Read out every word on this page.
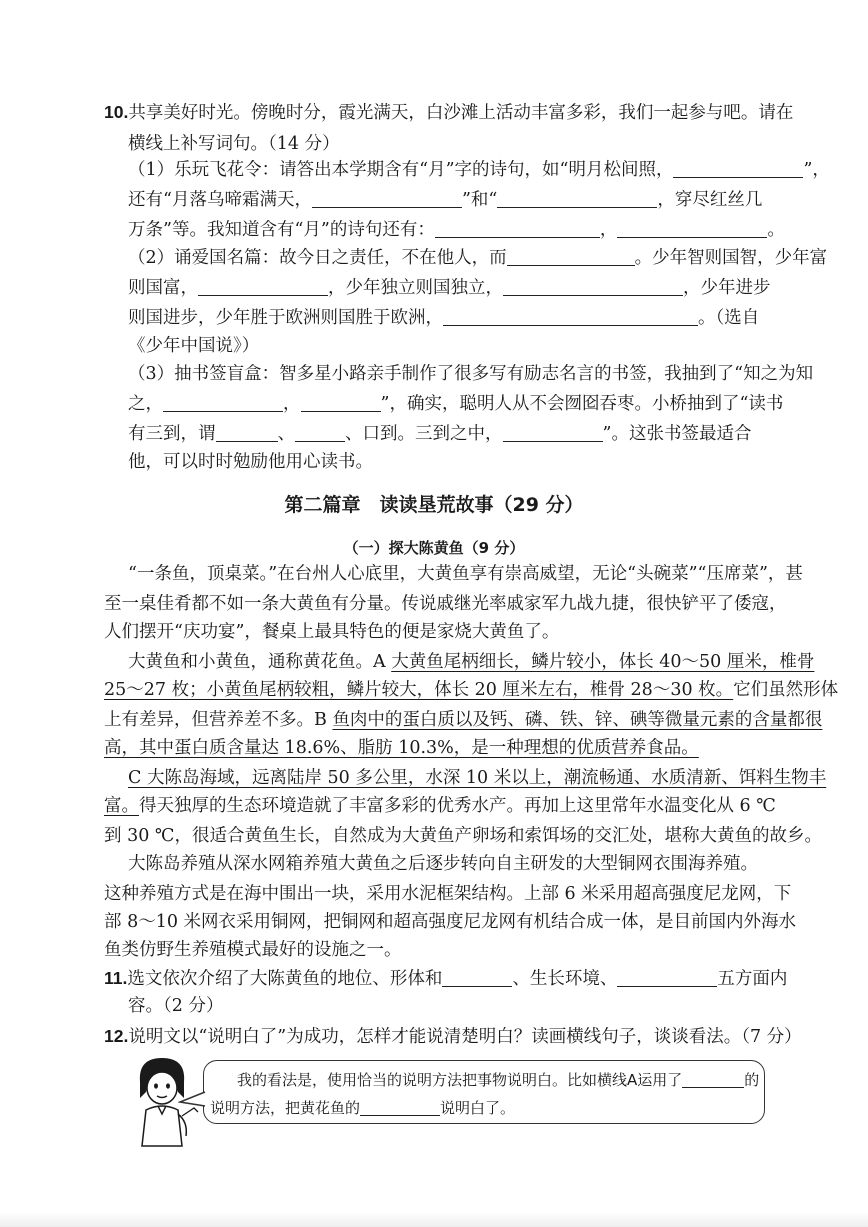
10.共享美好时光。傍晚时分，霞光满天，白沙滩上活动丰富多彩，我们一起参与吧。请在
横线上补写词句。（14 分）
（1）乐玩飞花令：请答出本学期含有“月”字的诗句，如“明月松间照，	”，
还有“月落乌啼霜满天，	”和“	，穿尽红丝几
万条”等。我知道含有“月”的诗句还有：	，	。
（2）诵爱国名篇：故今日之责任，不在他人，而	。少年智则国智，少年富
则国富，	，少年独立则国独立，	，少年进步
则国进步，少年胜于欧洲则国胜于欧洲，	。（选自
《少年中国说》）
（3）抽书签盲盒：智多星小路亲手制作了很多写有励志名言的书签，我抽到了“知之为知
之，	，	”，确实，聪明人从不会囫囵吞枣。小桥抽到了“读书
有三到，谓	、	、口到。三到之中，	”。这张书签最适合
他，可以时时勉励他用心读书。
第二篇章　读读垦荒故事（29 分）
（一）探大陈黄鱼（9 分）
“一条鱼，顶桌菜。”在台州人心底里，大黄鱼享有崇高威望，无论“头碗菜”“压席菜”，甚
至一桌佳肴都不如一条大黄鱼有分量。传说戚继光率戚家军九战九捷，很快铲平了倭寇，
人们摆开“庆功宴”，餐桌上最具特色的便是家烧大黄鱼了。
大黄鱼和小黄鱼，通称黄花鱼。A 大黄鱼尾柄细长，鳞片较小，体长 40～50 厘米，椎骨
25～27 枚；小黄鱼尾柄较粗，鳞片较大，体长 20 厘米左右，椎骨 28～30 枚。它们虽然形体
上有差异，但营养差不多。B 鱼肉中的蛋白质以及钙、磷、铁、锌、碘等微量元素的含量都很
高，其中蛋白质含量达 18.6%、脂肪 10.3%，是一种理想的优质营养食品。
C 大陈岛海域，远离陆岸 50 多公里，水深 10 米以上，潮流畅通、水质清新、饵料生物丰
富。得天独厚的生态环境造就了丰富多彩的优秀水产。再加上这里常年水温变化从 6 ℃
到 30 ℃，很适合黄鱼生长，自然成为大黄鱼产卵场和索饵场的交汇处，堪称大黄鱼的故乡。
大陈岛养殖从深水网箱养殖大黄鱼之后逐步转向自主研发的大型铜网衣围海养殖。
这种养殖方式是在海中围出一块，采用水泥框架结构。上部 6 米采用超高强度尼龙网，下
部 8～10 米网衣采用铜网，把铜网和超高强度尼龙网有机结合成一体，是目前国内外海水
鱼类仿野生养殖模式最好的设施之一。
11.选文依次介绍了大陈黄鱼的地位、形体和	、生长环境、	五方面内
容。（2 分）
12.说明文以“说明白了”为成功，怎样才能说清楚明白？读画横线句子，谈谈看法。（7 分）
我的看法是，使用恰当的说明方法把事物说明白。比如横线A运用了	的
说明方法，把黄花鱼的	说明白了。
